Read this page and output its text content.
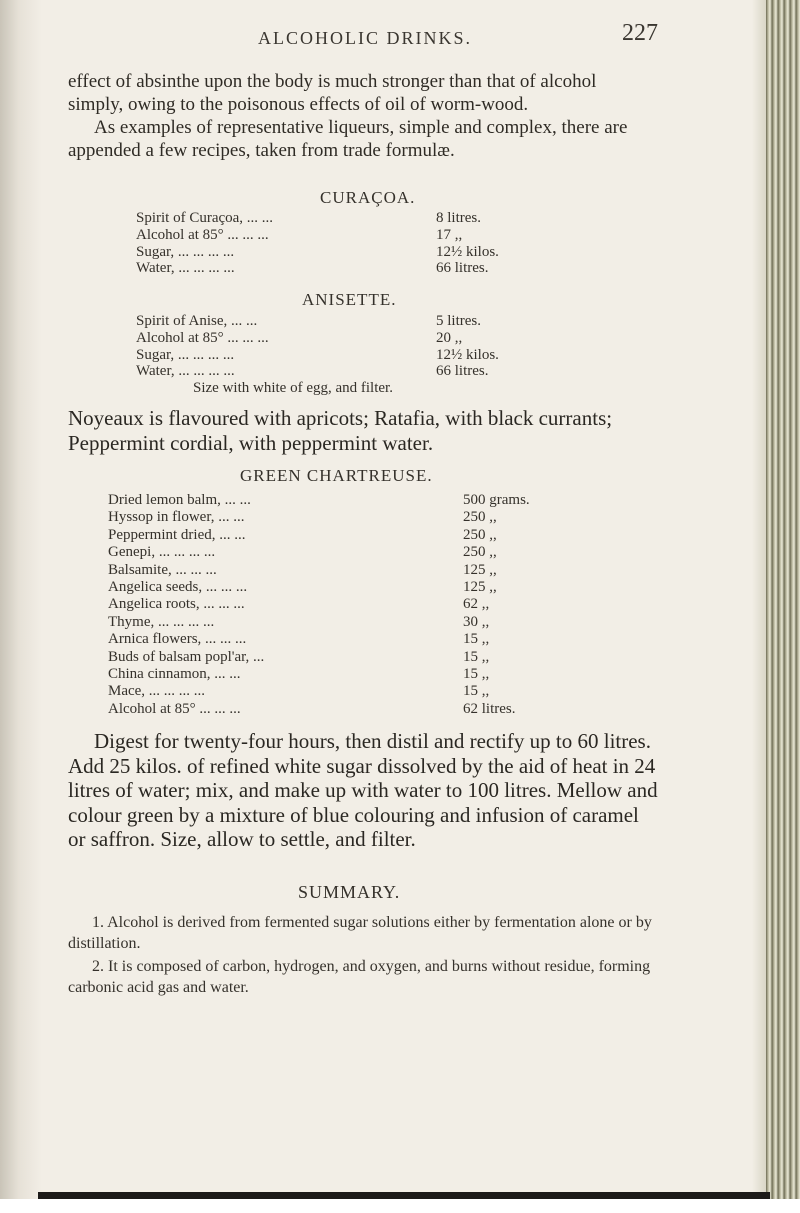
ALCOHOLIC DRINKS.	227
effect of absinthe upon the body is much stronger than that of alcohol simply, owing to the poisonous effects of oil of worm-wood.
As examples of representative liqueurs, simple and complex, there are appended a few recipes, taken from trade formulæ.
CURAÇOA.
Spirit of Curaçoa, ... ...	8 litres.
Alcohol at 85° ... ... ...	17 ,,
Sugar, ... ... ... ...	12½ kilos.
Water, ... ... ... ...	66 litres.
ANISETTE.
Spirit of Anise, ... ...	5 litres.
Alcohol at 85° ... ... ...	20 ,,
Sugar, ... ... ... ...	12½ kilos.
Water, ... ... ... ...	66 litres.
Size with white of egg, and filter.
Noyeaux is flavoured with apricots; Ratafia, with black currants; Peppermint cordial, with peppermint water.
GREEN CHARTREUSE.
Dried lemon balm, ... ...	500 grams.
Hyssop in flower, ... ...	250 ,,
Peppermint dried, ... ...	250 ,,
Genepi, ... ... ... ...	250 ,,
Balsamite, ... ... ...	125 ,,
Angelica seeds, ... ... ...	125 ,,
Angelica roots, ... ... ...	62 ,,
Thyme, ... ... ... ...	30 ,,
Arnica flowers, ... ... ...	15 ,,
Buds of balsam popl'ar, ...	15 ,,
China cinnamon, ... ...	15 ,,
Mace, ... ... ... ...	15 ,,
Alcohol at 85° ... ... ...	62 litres.
Digest for twenty-four hours, then distil and rectify up to 60 litres. Add 25 kilos. of refined white sugar dissolved by the aid of heat in 24 litres of water; mix, and make up with water to 100 litres. Mellow and colour green by a mixture of blue colouring and infusion of caramel or saffron. Size, allow to settle, and filter.
SUMMARY.
1. Alcohol is derived from fermented sugar solutions either by fermentation alone or by distillation.
2. It is composed of carbon, hydrogen, and oxygen, and burns without residue, forming carbonic acid gas and water.
